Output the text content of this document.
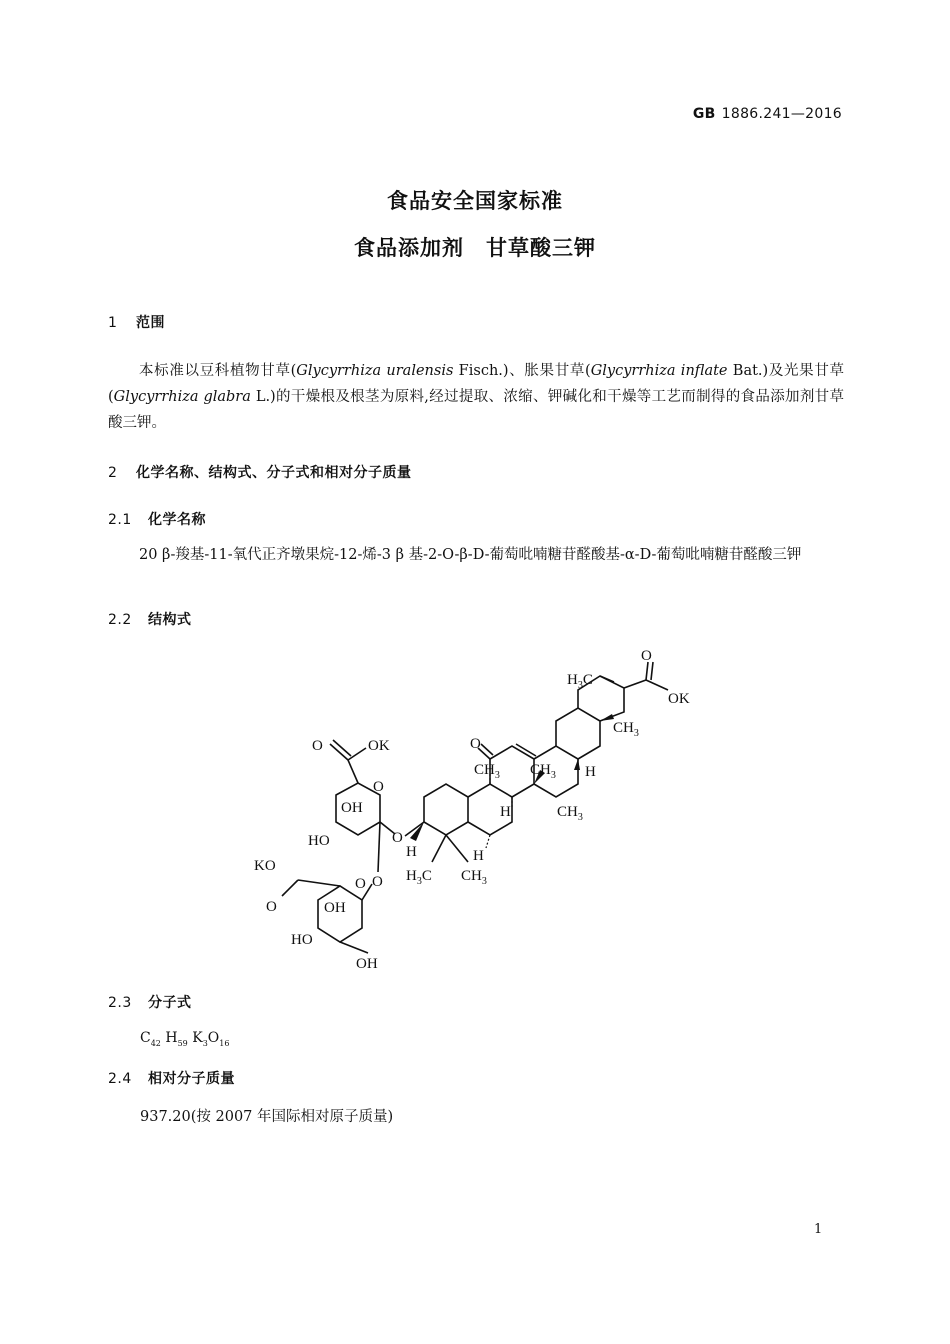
GB 1886.241—2016
食品安全国家标准
食品添加剂　甘草酸三钾
1 范围
本标准以豆科植物甘草(Glycyrrhiza uralensis Fisch.)、胀果甘草(Glycyrrhiza inflate Bat.)及光果甘草(Glycyrrhiza glabra L.)的干燥根及根茎为原料,经过提取、浓缩、钾碱化和干燥等工艺而制得的食品添加剂甘草酸三钾。
2 化学名称、结构式、分子式和相对分子质量
2.1 化学名称
20 β-羧基-11-氧代正齐墩果烷-12-烯-3 β 基-2-O-β-D-葡萄吡喃糖苷醛酸基-α-D-葡萄吡喃糖苷醛酸三钾
2.2 结构式
O
OK
$H_3C$
$CH_3$
H
O
$CH_3$ $CH_3$
H	$CH_3$
H	H
$H_3C$ $CH_3$
O	OK
O
OH
HO	O
O
O
KO
O	OH
HO
OH
2.3 分子式
$C_{42}$ $H_{59}$ $K_3O_{16}$
2.4 相对分子质量
937.20(按 2007 年国际相对原子质量)
1
